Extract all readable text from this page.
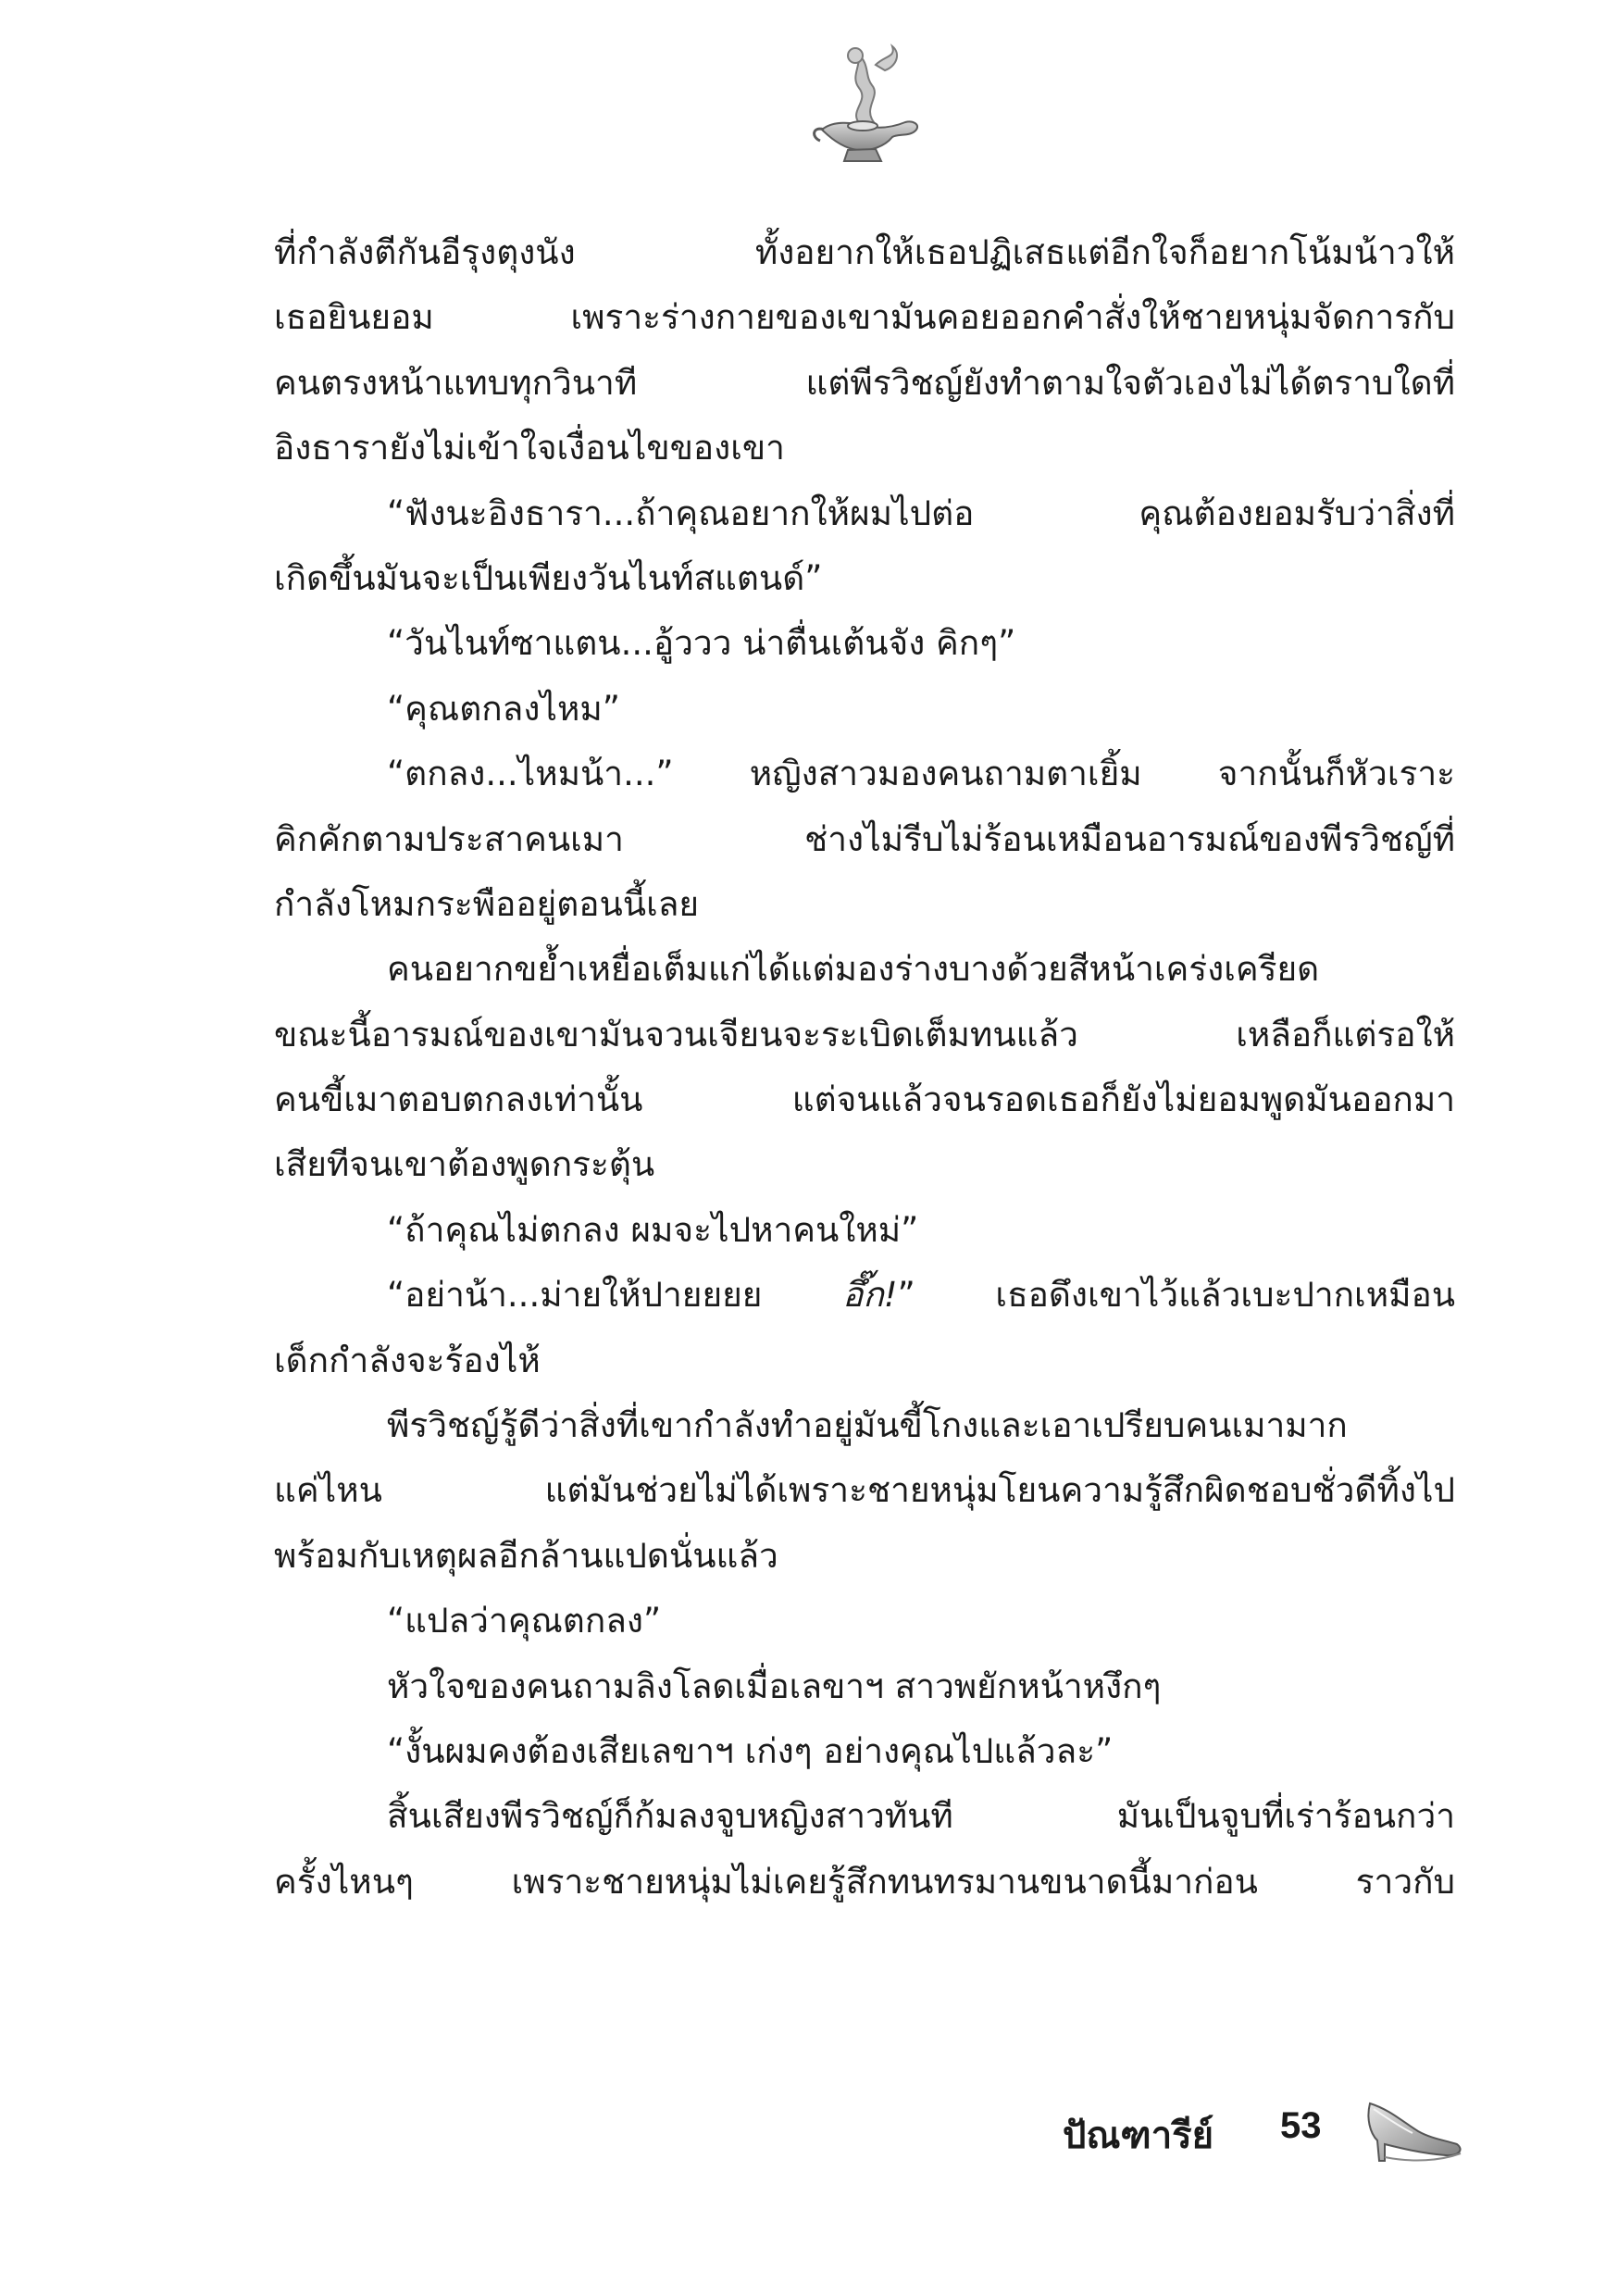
ที่กำลังตีกันอีรุงตุงนัง ทั้งอยากให้เธอปฏิเสธแต่อีกใจก็อยากโน้มน้าวให้
เธอยินยอม เพราะร่างกายของเขามันคอยออกคำสั่งให้ชายหนุ่มจัดการกับ
คนตรงหน้าแทบทุกวินาที แต่พีรวิชญ์ยังทำตามใจตัวเองไม่ได้ตราบใดที่
อิงธารายังไม่เข้าใจเงื่อนไขของเขา
“ฟังนะอิงธารา...ถ้าคุณอยากให้ผมไปต่อ คุณต้องยอมรับว่าสิ่งที่
เกิดขึ้นมันจะเป็นเพียงวันไนท์สแตนด์”
“วันไนท์ซาแตน...อู้ววว น่าตื่นเต้นจัง คิกๆ”
“คุณตกลงไหม”
“ตกลง...ไหมน้า...” หญิงสาวมองคนถามตาเยิ้ม จากนั้นก็หัวเราะ
คิกคักตามประสาคนเมา ช่างไม่รีบไม่ร้อนเหมือนอารมณ์ของพีรวิชญ์ที่
กำลังโหมกระพืออยู่ตอนนี้เลย
คนอยากขย้ำเหยื่อเต็มแก่ได้แต่มองร่างบางด้วยสีหน้าเคร่งเครียด
ขณะนี้อารมณ์ของเขามันจวนเจียนจะระเบิดเต็มทนแล้ว เหลือก็แต่รอให้
คนขี้เมาตอบตกลงเท่านั้น แต่จนแล้วจนรอดเธอก็ยังไม่ยอมพูดมันออกมา
เสียทีจนเขาต้องพูดกระตุ้น
“ถ้าคุณไม่ตกลง ผมจะไปหาคนใหม่”
“อย่าน้า...ม่ายให้ปายยยย อึ๊ก!” เธอดึงเขาไว้แล้วเบะปากเหมือน
เด็กกำลังจะร้องไห้
พีรวิชญ์รู้ดีว่าสิ่งที่เขากำลังทำอยู่มันขี้โกงและเอาเปรียบคนเมามาก
แค่ไหน แต่มันช่วยไม่ได้เพราะชายหนุ่มโยนความรู้สึกผิดชอบชั่วดีทิ้งไป
พร้อมกับเหตุผลอีกล้านแปดนั่นแล้ว
“แปลว่าคุณตกลง”
หัวใจของคนถามลิงโลดเมื่อเลขาฯ สาวพยักหน้าหงึกๆ
“งั้นผมคงต้องเสียเลขาฯ เก่งๆ อย่างคุณไปแล้วละ”
สิ้นเสียงพีรวิชญ์ก็ก้มลงจูบหญิงสาวทันที มันเป็นจูบที่เร่าร้อนกว่า
ครั้งไหนๆ เพราะชายหนุ่มไม่เคยรู้สึกทนทรมานขนาดนี้มาก่อน ราวกับ
ปัณฑารีย์ 53
